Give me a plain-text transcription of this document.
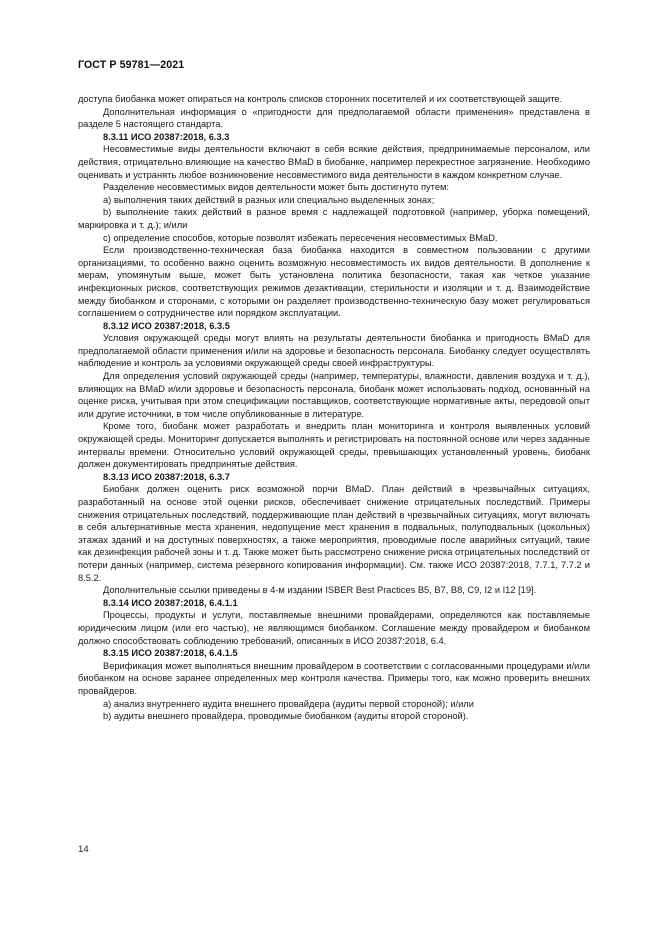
ГОСТ Р 59781—2021

доступа биобанка может опираться на контроль списков сторонних посетителей и их соответствующей защите.

Дополнительная информация о «пригодности для предполагаемой области применения» представлена в разделе 5 настоящего стандарта.

8.3.11 ИСО 20387:2018, 6.3.3

Несовместимые виды деятельности включают в себя всякие действия, предпринимаемые персоналом, или действия, отрицательно влияющие на качество BMaD в биобанке, например перекрестное загрязнение. Необходимо оценивать и устранять любое возникновение несовместимого вида деятельности в каждом конкретном случае.

Разделение несовместимых видов деятельности может быть достигнуто путем:

а) выполнения таких действий в разных или специально выделенных зонах;

b) выполнение таких действий в разное время с надлежащей подготовкой (например, уборка помещений, маркировка и т. д.); и/или

c) определение способов, которые позволят избежать пересечения несовместимых BMaD.

Если производственно-техническая база биобанка находится в совместном пользовании с другими организациями, то особенно важно оценить возможную несовместимость их видов деятельности. В дополнение к мерам, упомянутым выше, может быть установлена политика безопасности, такая как четкое указание инфекционных рисков, соответствующих режимов дезактивации, стерильности и изоляции и т. д. Взаимодействие между биобанком и сторонами, с которыми он разделяет производственно-техническую базу может регулироваться соглашением о сотрудничестве или порядком эксплуатации.

8.3.12 ИСО 20387:2018, 6.3.5

Условия окружающей среды могут влиять на результаты деятельности биобанка и пригодность BMaD для предполагаемой области применения и/или на здоровье и безопасность персонала. Биобанку следует осуществлять наблюдение и контроль за условиями окружающей среды своей инфраструктуры.

Для определения условий окружающей среды (например, температуры, влажности, давления воздуха и т. д.), влияющих на BMaD и/или здоровье и безопасность персонала, биобанк может использовать подход, основанный на оценке риска, учитывая при этом спецификации поставщиков, соответствующие нормативные акты, передовой опыт или другие источники, в том числе опубликованные в литературе.

Кроме того, биобанк может разработать и внедрить план мониторинга и контроля выявленных условий окружающей среды. Мониторинг допускается выполнять и регистрировать на постоянной основе или через заданные интервалы времени. Относительно условий окружающей среды, превышающих установленный уровень, биобанк должен документировать предпринятые действия.

8.3.13 ИСО 20387:2018, 6.3.7

Биобанк должен оценить риск возможной порчи BMaD. План действий в чрезвычайных ситуациях, разработанный на основе этой оценки рисков, обеспечивает снижение отрицательных последствий. Примеры снижения отрицательных последствий, поддерживающие план действий в чрезвычайных ситуациях, могут включать в себя альтернативные места хранения, недопущение мест хранения в подвальных, полуподвальных (цокольных) этажах зданий и на доступных поверхностях, а также мероприятия, проводимые после аварийных ситуаций, такие как дезинфекция рабочей зоны и т. д. Также может быть рассмотрено снижение риска отрицательных последствий от потери данных (например, система резервного копирования информации). См. также ИСО 20387:2018, 7.7.1, 7.7.2 и 8.5.2.

Дополнительные ссылки приведены в 4-м издании ISBER Best Practices B5, B7, B8, C9, I2 и I12 [19].

8.3.14 ИСО 20387:2018, 6.4.1.1

Процессы, продукты и услуги, поставляемые внешними провайдерами, определяются как поставляемые юридическим лицом (или его частью), не являющимся биобанком. Соглашение между провайдером и биобанком должно способствовать соблюдению требований, описанных в ИСО 20387:2018, 6.4.

8.3.15 ИСО 20387:2018, 6.4.1.5

Верификация может выполняться внешним провайдером в соответствии с согласованными процедурами и/или биобанком на основе заранее определенных мер контроля качества. Примеры того, как можно проверить внешних провайдеров.

а) анализ внутреннего аудита внешнего провайдера (аудиты первой стороной); и/или

b) аудиты внешнего провайдера, проводимые биобанком (аудиты второй стороной).

14
